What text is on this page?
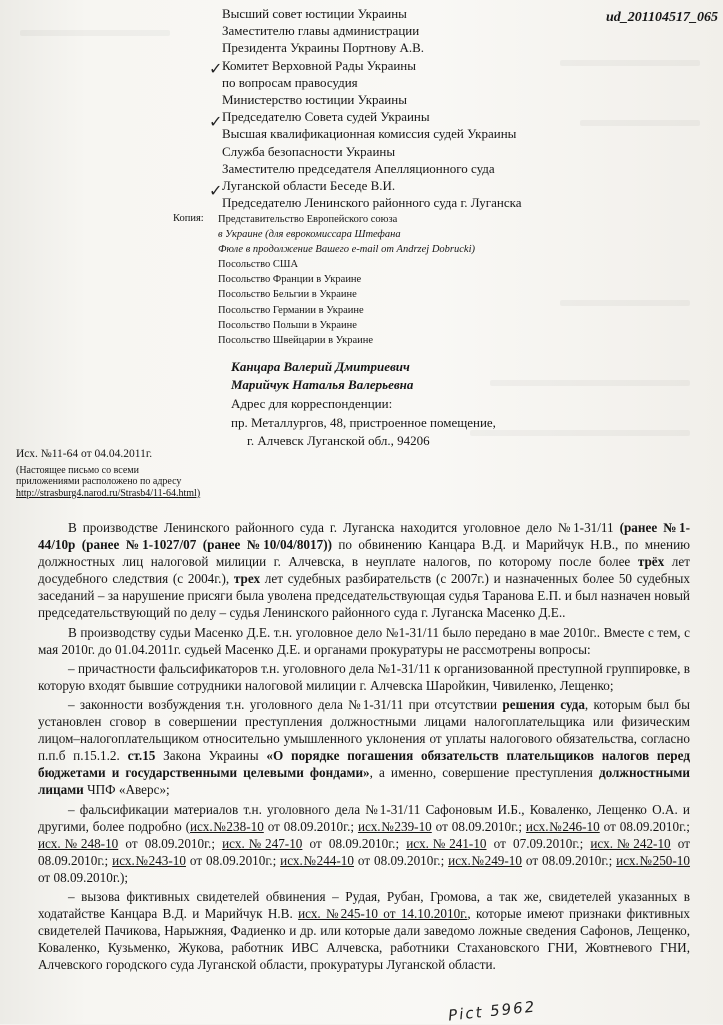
ud_201104517_065
Высший совет юстиции Украины
Заместителю главы администрации
Президента Украины Портнову А.В.
Комитет Верховной Рады Украины
по вопросам правосудия
Министерство юстиции Украины
Председателю Совета судей Украины
Высшая квалификационная комиссия судей Украины
Служба безопасности Украины
Заместителю председателя Апелляционного суда
Луганской области Беседе В.И.
Председателю Ленинского районного суда г. Луганска
✓
✓
✓
Копия: Представительство Европейского союза
в Украине (для еврокомиссара Штефана
Фюле в продолжение Вашего e-mail от Andrzej Dobrucki)
Посольство США
Посольство Франции в Украине
Посольство Бельгии в Украине
Посольство Германии в Украине
Посольство Польши в Украине
Посольство Швейцарии в Украине
Канцара Валерий Дмитриевич
Марийчук Наталья Валерьевна
Адрес для корреспонденции:
пр. Металлургов, 48, пристроенное помещение,
г. Алчевск Луганской обл., 94206
Исх. №11-64 от 04.04.2011г.
(Настоящее письмо со всеми
приложениями расположено по адресу
http://strasburg4.narod.ru/Strasb4/11-64.html)

В производстве Ленинского районного суда г. Луганска находится уголовное дело №1-31/11 (ранее №1-44/10р (ранее №1-1027/07 (ранее №10/04/8017)) по обвинению Канцара В.Д. и Марийчук Н.В., по мнению должностных лиц налоговой милиции г. Алчевска, в неуплате налогов, по которому после более трёх лет досудебного следствия (с 2004г.), трех лет судебных разбирательств (с 2007г.) и назначенных более 50 судебных заседаний – за нарушение присяги была уволена председательствующая судья Таранова Е.П. и был назначен новый председательствующий по делу – судья Ленинского районного суда г. Луганска Масенко Д.Е..

В производству судьи Масенко Д.Е. т.н. уголовное дело №1-31/11 было передано в мае 2010г.. Вместе с тем, с мая 2010г. до 01.04.2011г. судьей Масенко Д.Е. и органами прокуратуры не рассмотрены вопросы:

– причастности фальсификаторов т.н. уголовного дела №1-31/11 к организованной преступной группировке, в которую входят бывшие сотрудники налоговой милиции г. Алчевска Шаройкин, Чивиленко, Лещенко;

– законности возбуждения т.н. уголовного дела №1-31/11 при отсутствии решения суда, которым был бы установлен сговор в совершении преступления должностными лицами налогоплательщика или физическим лицом–налогоплательщиком относительно умышленного уклонения от уплаты налогового обязательства, согласно п.п.б п.15.1.2. ст.15 Закона Украины «О порядке погашения обязательств плательщиков налогов перед бюджетами и государственными целевыми фондами», а именно, совершение преступления должностными лицами ЧПФ «Аверс»;

– фальсификации материалов т.н. уголовного дела №1-31/11 Сафоновым И.Б., Коваленко, Лещенко О.А. и другими, более подробно (исх.№238-10 от 08.09.2010г.; исх.№239-10 от 08.09.2010г.; исх.№246-10 от 08.09.2010г.; исх.№248-10 от 08.09.2010г.; исх.№247-10 от 08.09.2010г.; исх.№241-10 от 07.09.2010г.; исх.№242-10 от 08.09.2010г.; исх.№243-10 от 08.09.2010г.; исх.№244-10 от 08.09.2010г.; исх.№249-10 от 08.09.2010г.; исх.№250-10 от 08.09.2010г.);

– вызова фиктивных свидетелей обвинения – Рудая, Рубан, Громова, а так же, свидетелей указанных в ходатайстве Канцара В.Д. и Марийчук Н.В. исх. №245-10 от 14.10.2010г., которые имеют признаки фиктивных свидетелей Пачикова, Нарыжняя, Фадиенко и др. или которые дали заведомо ложные сведения Сафонов, Лещенко, Коваленко, Кузьменко, Жукова, работник ИВС Алчевска, работники Стахановского ГНИ, Жовтневого ГНИ, Алчевского городского суда Луганской области, прокуратуры Луганской области.

Pict 5962
